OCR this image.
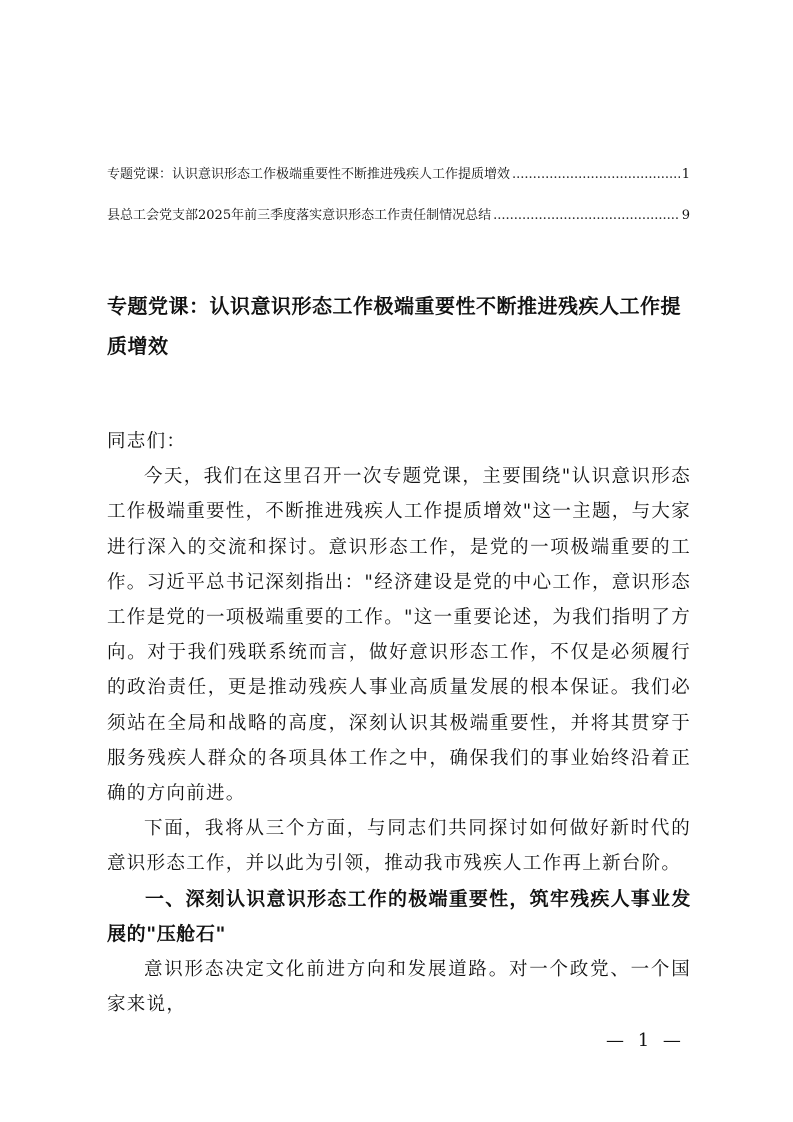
专题党课：认识意识形态工作极端重要性不断推进残疾人工作提质增效 .....	1
县总工会党支部2025年前三季度落实意识形态工作责任制情况总结 .....	9
专题党课：认识意识形态工作极端重要性不断推进残疾人工作提质增效

同志们：

今天，我们在这里召开一次专题党课，主要围绕"认识意识形态工作极端重要性，不断推进残疾人工作提质增效"这一主题，与大家进行深入的交流和探讨。意识形态工作，是党的一项极端重要的工作。习近平总书记深刻指出："经济建设是党的中心工作，意识形态工作是党的一项极端重要的工作。"这一重要论述，为我们指明了方向。对于我们残联系统而言，做好意识形态工作，不仅是必须履行的政治责任，更是推动残疾人事业高质量发展的根本保证。我们必须站在全局和战略的高度，深刻认识其极端重要性，并将其贯穿于服务残疾人群众的各项具体工作之中，确保我们的事业始终沿着正确的方向前进。

下面，我将从三个方面，与同志们共同探讨如何做好新时代的意识形态工作，并以此为引领，推动我市残疾人工作再上新台阶。

一、深刻认识意识形态工作的极端重要性，筑牢残疾人事业发展的"压舱石"

意识形态决定文化前进方向和发展道路。对一个政党、一个国家来说，

— 1 —
